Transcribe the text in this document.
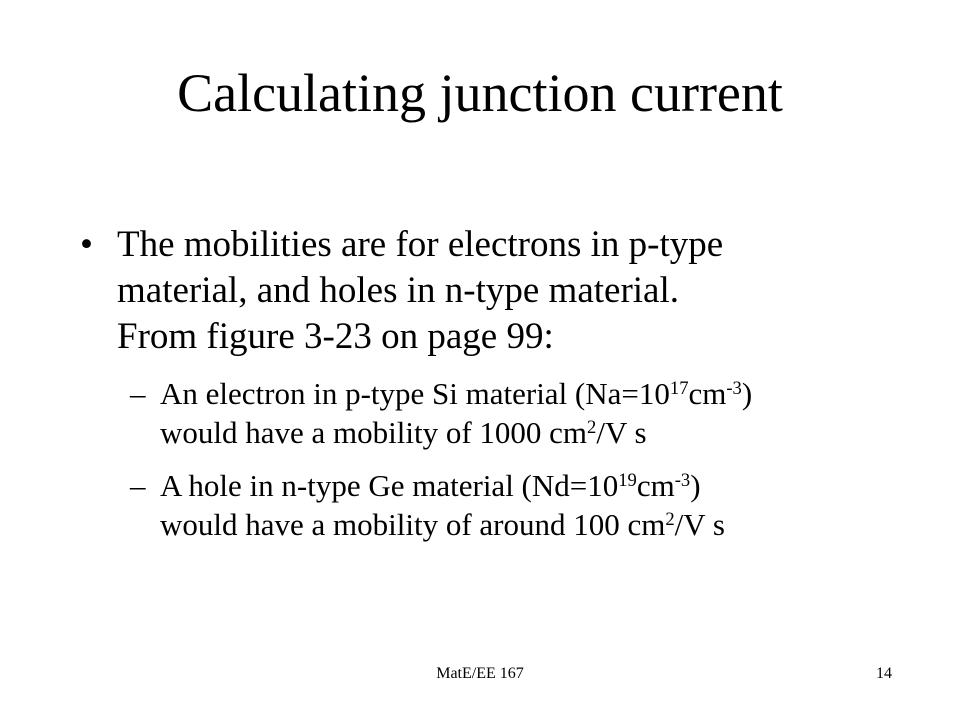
Calculating junction current
• The mobilities are for electrons in p-type
material, and holes in n-type material.
From figure 3-23 on page 99:
– An electron in p-type Si material $(Na=10^{17}cm^{-3})$
would have a mobility of 1000 $cm^2/V$ s
– A hole in n-type Ge material $(Nd=10^{19}cm^{-3})$
would have a mobility of around 100 $cm^2/V$ s
MatE/EE 167	14
